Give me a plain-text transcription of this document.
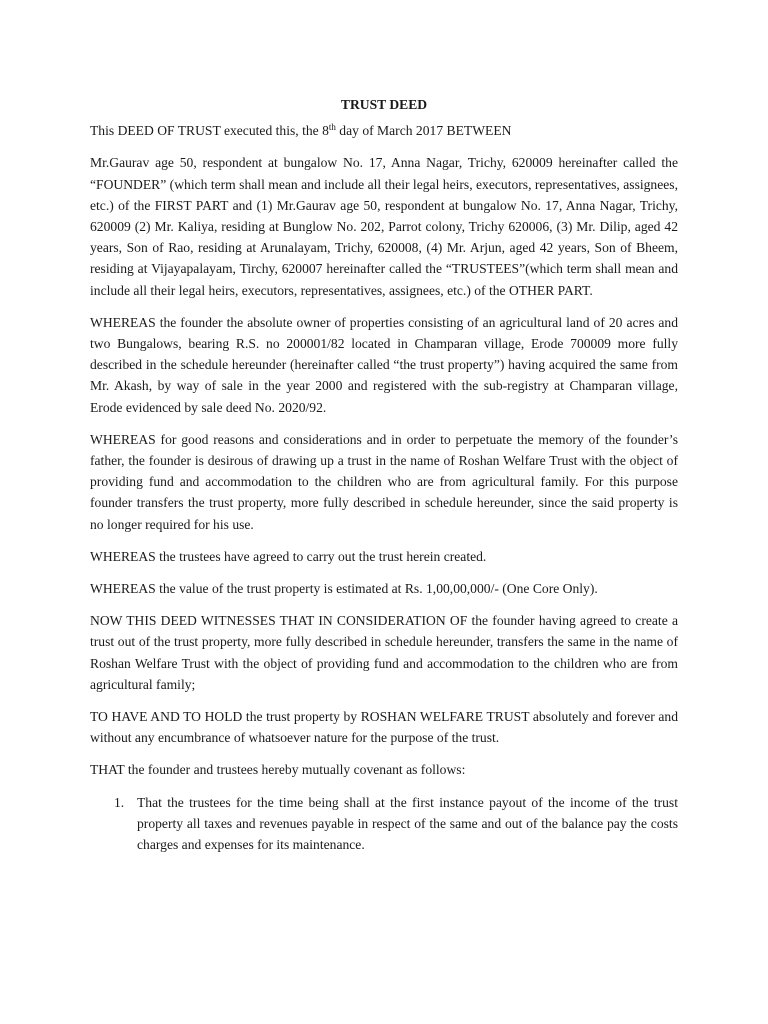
TRUST DEED
This DEED OF TRUST executed this, the 8th day of March 2017 BETWEEN
Mr.Gaurav age 50, respondent at bungalow No. 17, Anna Nagar, Trichy, 620009 hereinafter called the “FOUNDER” (which term shall mean and include all their legal heirs, executors, representatives, assignees, etc.) of the FIRST PART and (1) Mr.Gaurav age 50, respondent at bungalow No. 17, Anna Nagar, Trichy, 620009 (2) Mr. Kaliya, residing at Bunglow No. 202, Parrot colony, Trichy 620006, (3) Mr. Dilip, aged 42 years, Son of Rao, residing at Arunalayam, Trichy, 620008, (4) Mr. Arjun, aged 42 years, Son of Bheem, residing at Vijayapalayam, Tirchy, 620007 hereinafter called the “TRUSTEES”(which term shall mean and include all their legal heirs, executors, representatives, assignees, etc.) of the OTHER PART.
WHEREAS the founder the absolute owner of properties consisting of an agricultural land of 20 acres and two Bungalows, bearing R.S. no 200001/82 located in Champaran village, Erode 700009 more fully described in the schedule hereunder (hereinafter called “the trust property”) having acquired the same from Mr. Akash, by way of sale in the year 2000 and registered with the sub-registry at Champaran village, Erode evidenced by sale deed No. 2020/92.
WHEREAS for good reasons and considerations and in order to perpetuate the memory of the founder’s father, the founder is desirous of drawing up a trust in the name of Roshan Welfare Trust with the object of providing fund and accommodation to the children who are from agricultural family. For this purpose founder transfers the trust property, more fully described in schedule hereunder, since the said property is no longer required for his use.
WHEREAS the trustees have agreed to carry out the trust herein created.
WHEREAS the value of the trust property is estimated at Rs. 1,00,00,000/- (One Core Only).
NOW THIS DEED WITNESSES THAT IN CONSIDERATION OF the founder having agreed to create a trust out of the trust property, more fully described in schedule hereunder, transfers the same in the name of Roshan Welfare Trust with the object of providing fund and accommodation to the children who are from agricultural family;
TO HAVE AND TO HOLD the trust property by ROSHAN WELFARE TRUST absolutely and forever and without any encumbrance of whatsoever nature for the purpose of the trust.
THAT the founder and trustees hereby mutually covenant as follows:
1. That the trustees for the time being shall at the first instance payout of the income of the trust property all taxes and revenues payable in respect of the same and out of the balance pay the costs charges and expenses for its maintenance.
